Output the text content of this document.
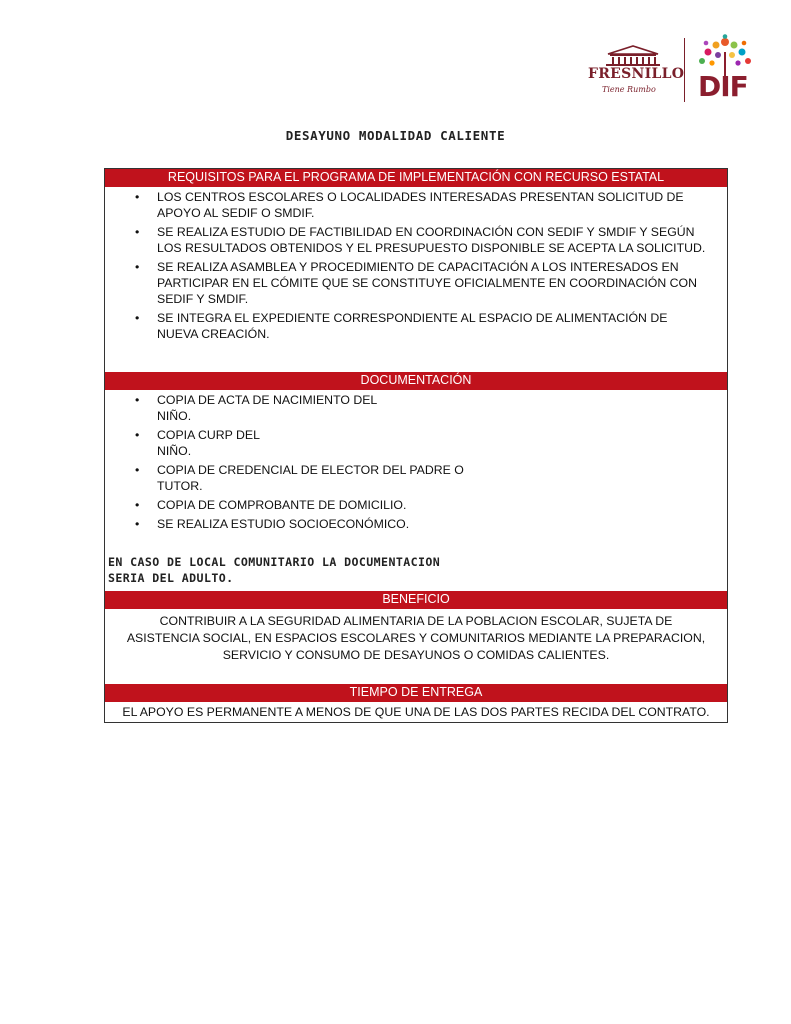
FRESNILLO
Tiene Rumbo DIF
DESAYUNO MODALIDAD CALIENTE
REQUISITOS PARA EL PROGRAMA DE IMPLEMENTACIÓN CON RECURSO ESTATAL
• LOS CENTROS ESCOLARES O LOCALIDADES INTERESADAS PRESENTAN SOLICITUD DE
APOYO AL SEDIF O SMDIF.
• SE REALIZA ESTUDIO DE FACTIBILIDAD EN COORDINACIÓN CON SEDIF Y SMDIF Y SEGÚN
LOS RESULTADOS OBTENIDOS Y EL PRESUPUESTO DISPONIBLE SE ACEPTA LA SOLICITUD.
• SE REALIZA ASAMBLEA Y PROCEDIMIENTO DE CAPACITACIÓN A LOS INTERESADOS EN
PARTICIPAR EN EL CÓMITE QUE SE CONSTITUYE OFICIALMENTE EN COORDINACIÓN CON
SEDIF Y SMDIF.
• SE INTEGRA EL EXPEDIENTE CORRESPONDIENTE AL ESPACIO DE ALIMENTACIÓN DE
NUEVA CREACIÓN.
DOCUMENTACIÓN
• COPIA DE ACTA DE NACIMIENTO DEL
NIÑO.
• COPIA CURP DEL
NIÑO.
• COPIA DE CREDENCIAL DE ELECTOR DEL PADRE O
TUTOR.
• COPIA DE COMPROBANTE DE DOMICILIO.
• SE REALIZA ESTUDIO SOCIOECONÓMICO.
EN CASO DE LOCAL COMUNITARIO LA DOCUMENTACION
SERIA DEL ADULTO.
BENEFICIO
CONTRIBUIR A LA SEGURIDAD ALIMENTARIA DE LA POBLACION ESCOLAR, SUJETA DE
ASISTENCIA SOCIAL, EN ESPACIOS ESCOLARES Y COMUNITARIOS MEDIANTE LA PREPARACION,
SERVICIO Y CONSUMO DE DESAYUNOS O COMIDAS CALIENTES.
TIEMPO DE ENTREGA
EL APOYO ES PERMANENTE A MENOS DE QUE UNA DE LAS DOS PARTES RECIDA DEL CONTRATO.
